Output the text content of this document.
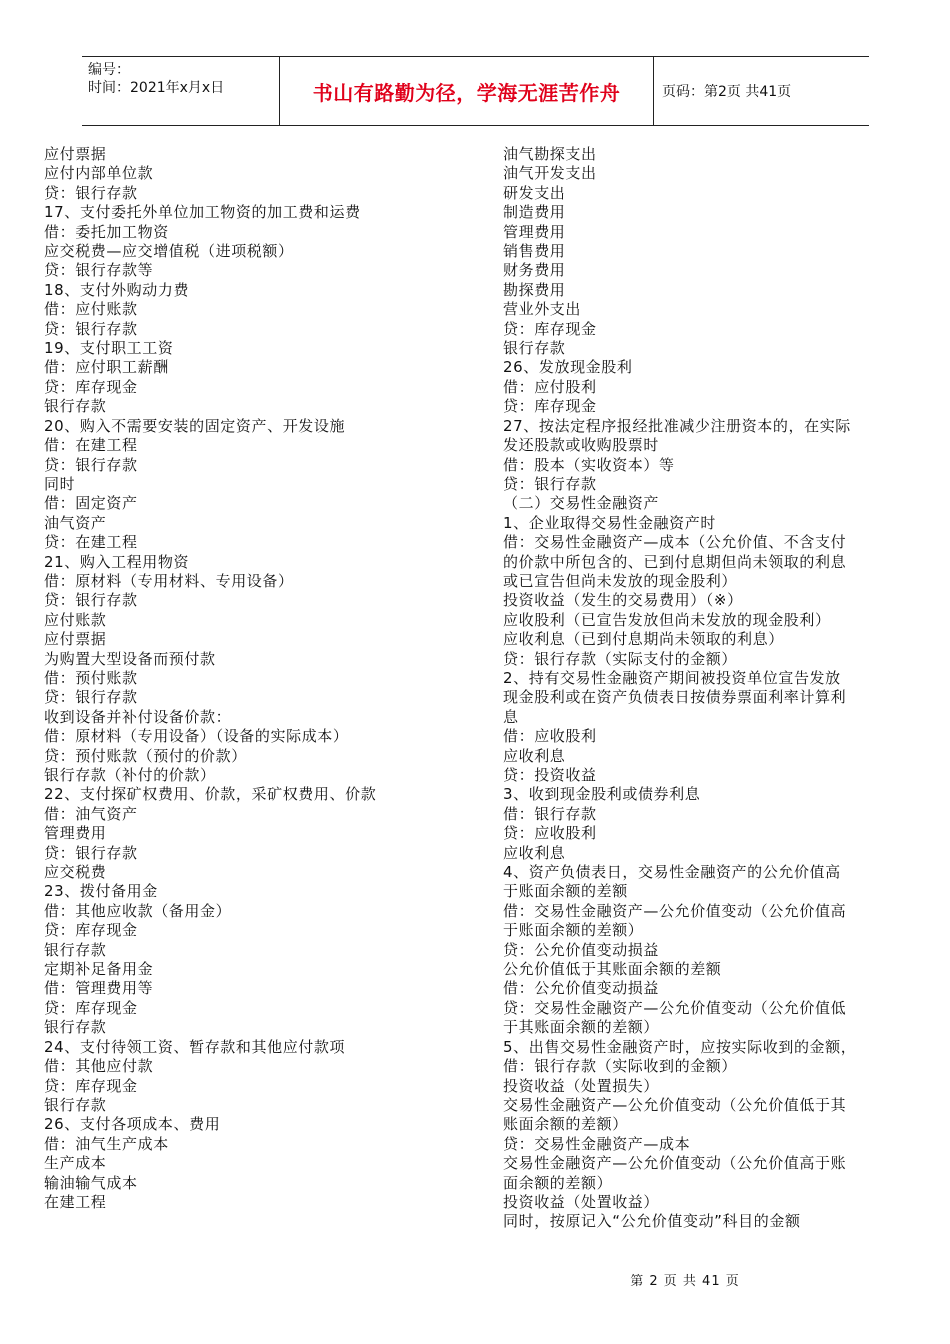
编号：
时间：2021年x月x日	书山有路勤为径，学海无涯苦作舟	页码：第2页 共41页
应付票据
应付内部单位款
贷：银行存款
17、支付委托外单位加工物资的加工费和运费
借：委托加工物资
应交税费—应交增值税（进项税额）
贷：银行存款等
18、支付外购动力费
借：应付账款
贷：银行存款
19、支付职工工资
借：应付职工薪酬
贷：库存现金
银行存款
20、购入不需要安装的固定资产、开发设施
借：在建工程
贷：银行存款
同时
借：固定资产
油气资产
贷：在建工程
21、购入工程用物资
借：原材料（专用材料、专用设备）
贷：银行存款
应付账款
应付票据
为购置大型设备而预付款
借：预付账款
贷：银行存款
收到设备并补付设备价款：
借：原材料（专用设备）（设备的实际成本）
贷：预付账款（预付的价款）
银行存款（补付的价款）
22、支付探矿权费用、价款，采矿权费用、价款
借：油气资产
管理费用
贷：银行存款
应交税费
23、拨付备用金
借：其他应收款（备用金）
贷：库存现金
银行存款
定期补足备用金
借：管理费用等
贷：库存现金
银行存款
24、支付待领工资、暂存款和其他应付款项
借：其他应付款
贷：库存现金
银行存款
26、支付各项成本、费用
借：油气生产成本
生产成本
输油输气成本
在建工程
油气勘探支出
油气开发支出
研发支出
制造费用
管理费用
销售费用
财务费用
勘探费用
营业外支出
贷：库存现金
银行存款
26、发放现金股利
借：应付股利
贷：库存现金
27、按法定程序报经批准减少注册资本的，在实际
发还股款或收购股票时
借：股本（实收资本）等
贷：银行存款
（二）交易性金融资产
1、企业取得交易性金融资产时
借：交易性金融资产—成本（公允价值、不含支付
的价款中所包含的、已到付息期但尚未领取的利息
或已宣告但尚未发放的现金股利）
投资收益（发生的交易费用）（※）
应收股利（已宣告发放但尚未发放的现金股利）
应收利息（已到付息期尚未领取的利息）
贷：银行存款（实际支付的金额）
2、持有交易性金融资产期间被投资单位宣告发放
现金股利或在资产负债表日按债券票面利率计算利
息
借：应收股利
应收利息
贷：投资收益
3、收到现金股利或债券利息
借：银行存款
贷：应收股利
应收利息
4、资产负债表日，交易性金融资产的公允价值高
于账面余额的差额
借：交易性金融资产—公允价值变动（公允价值高
于账面余额的差额）
贷：公允价值变动损益
公允价值低于其账面余额的差额
借：公允价值变动损益
贷：交易性金融资产—公允价值变动（公允价值低
于其账面余额的差额）
5、出售交易性金融资产时，应按实际收到的金额，
借：银行存款（实际收到的金额）
投资收益（处置损失）
交易性金融资产—公允价值变动（公允价值低于其
账面余额的差额）
贷：交易性金融资产—成本
交易性金融资产—公允价值变动（公允价值高于账
面余额的差额）
投资收益（处置收益）
同时，按原记入“公允价值变动”科目的金额
第 2 页 共 41 页
